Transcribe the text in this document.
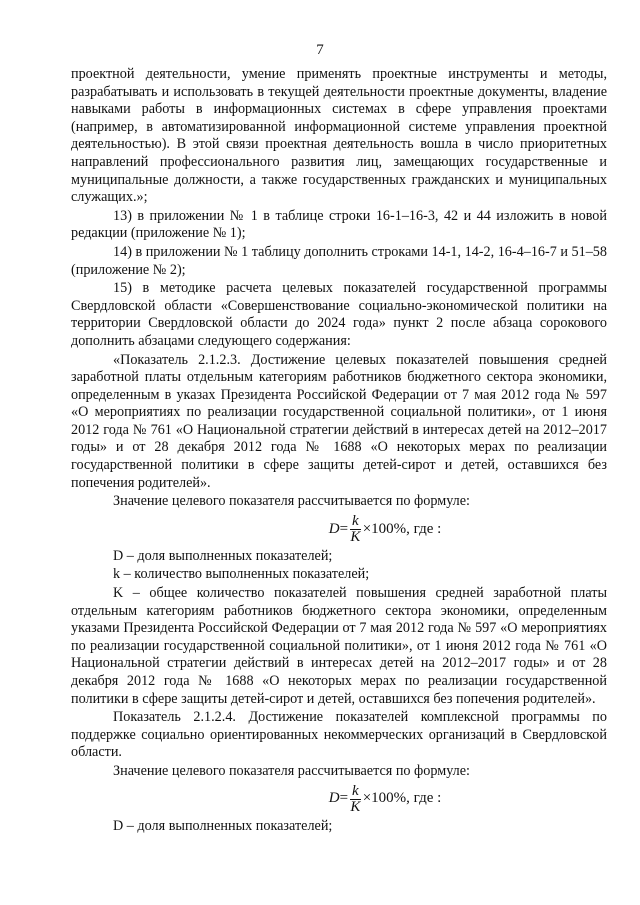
7

проектной деятельности, умение применять проектные инструменты и методы, разрабатывать и использовать в текущей деятельности проектные документы, владение навыками работы в информационных системах в сфере управления проектами (например, в автоматизированной информационной системе управления проектной деятельностью). В этой связи проектная деятельность вошла в число приоритетных направлений профессионального развития лиц, замещающих государственные и муниципальные должности, а также государственных гражданских и муниципальных служащих.»;

13) в приложении № 1 в таблице строки 16-1–16-3, 42 и 44 изложить в новой редакции (приложение № 1);

14) в приложении № 1 таблицу дополнить строками 14-1, 14-2, 16-4–16-7 и 51–58 (приложение № 2);

15) в методике расчета целевых показателей государственной программы Свердловской области «Совершенствование социально-экономической политики на территории Свердловской области до 2024 года» пункт 2 после абзаца сорокового дополнить абзацами следующего содержания:

«Показатель 2.1.2.3. Достижение целевых показателей повышения средней заработной платы отдельным категориям работников бюджетного сектора экономики, определенным в указах Президента Российской Федерации от 7 мая 2012 года № 597 «О мероприятиях по реализации государственной социальной политики», от 1 июня 2012 года № 761 «О Национальной стратегии действий в интересах детей на 2012–2017 годы» и от 28 декабря 2012 года № 1688 «О некоторых мерах по реализации государственной политики в сфере защиты детей-сирот и детей, оставшихся без попечения родителей».

Значение целевого показателя рассчитывается по формуле:

$D = \frac{k}{K} \times 100\%$, где :

D – доля выполненных показателей;

k – количество выполненных показателей;

K – общее количество показателей повышения средней заработной платы отдельным категориям работников бюджетного сектора экономики, определенным указами Президента Российской Федерации от 7 мая 2012 года № 597 «О мероприятиях по реализации государственной социальной политики», от 1 июня 2012 года № 761 «О Национальной стратегии действий в интересах детей на 2012–2017 годы» и от 28 декабря 2012 года № 1688 «О некоторых мерах по реализации государственной политики в сфере защиты детей-сирот и детей, оставшихся без попечения родителей».

Показатель 2.1.2.4. Достижение показателей комплексной программы по поддержке социально ориентированных некоммерческих организаций в Свердловской области.

Значение целевого показателя рассчитывается по формуле:

$D = \frac{k}{K} \times 100\%$, где :

D – доля выполненных показателей;
